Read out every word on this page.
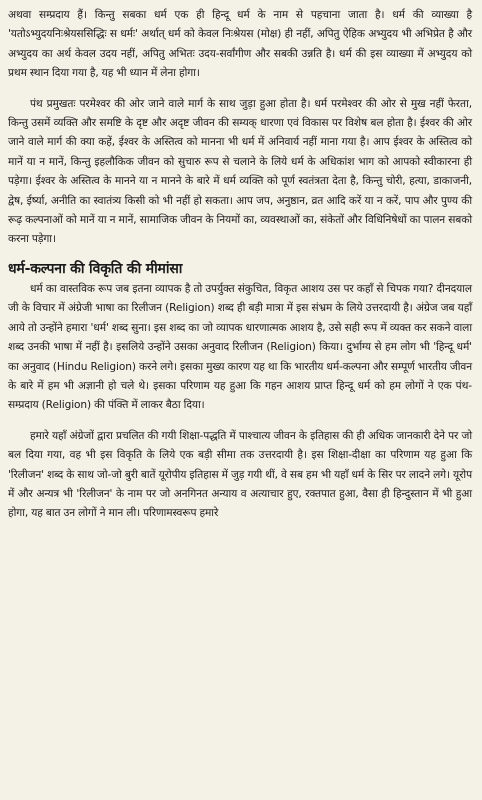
अथवा सम्प्रदाय हैं। किन्तु सबका धर्म एक ही हिन्दू धर्म के नाम से पहचाना जाता है। धर्म की व्याख्या है 'यतोऽभ्युदयनिःश्रेयससिद्धिः स धर्मः' अर्थात् धर्म को केवल निःश्रेयस (मोक्ष) ही नहीं, अपितु ऐहिक अभ्युदय भी अभिप्रेत है और अभ्युदय का अर्थ केवल उदय नहीं, अपितु अभितः उदय-सर्वांगीण और सबकी उन्नति है। धर्म की इस व्याख्या में अभ्युदय को प्रथम स्थान दिया गया है, यह भी ध्यान में लेना होगा।

पंथ प्रमुखतः परमेश्वर की ओर जाने वाले मार्ग के साथ जुड़ा हुआ होता है। धर्म परमेश्वर की ओर से मुख नहीं फेरता, किन्तु उसमें व्यक्ति और समष्टि के दृष्ट और अदृष्ट जीवन की सम्यक् धारणा एवं विकास पर विशेष बल होता है। ईश्वर की ओर जाने वाले मार्ग की क्या कहें, ईश्वर के अस्तित्व को मानना भी धर्म में अनिवार्य नहीं माना गया है। आप ईश्वर के अस्तित्व को मानें या न मानें, किन्तु इहलौकिक जीवन को सुचारु रूप से चलाने के लिये धर्म के अधिकांश भाग को आपको स्वीकारना ही पड़ेगा। ईश्वर के अस्तित्व के मानने या न मानने के बारे में धर्म व्यक्ति को पूर्ण स्वतंत्रता देता है, किन्तु चोरी, हत्या, डाकाजनी, द्वेष, ईर्ष्या, अनीति का स्वातंत्र्य किसी को भी नहीं हो सकता। आप जप, अनुष्ठान, व्रत आदि करें या न करें, पाप और पुण्य की रूढ़ कल्पनाओं को मानें या न मानें, सामाजिक जीवन के नियमों का, व्यवस्थाओं का, संकेतों और विधिनिषेधों का पालन सबको करना पड़ेगा।

धर्म-कल्पना की विकृति की मीमांसा

धर्म का वास्तविक रूप जब इतना व्यापक है तो उपर्युक्त संकुचित, विकृत आशय उस पर कहाँ से चिपक गया? दीनदयाल जी के विचार में अंग्रेजी भाषा का रिलीजन (Religion) शब्द ही बड़ी मात्रा में इस संभ्रम के लिये उत्तरदायी है। अंग्रेज जब यहाँ आये तो उन्होंने हमारा 'धर्म' शब्द सुना। इस शब्द का जो व्यापक धारणात्मक आशय है, उसे सही रूप में व्यक्त कर सकने वाला शब्द उनकी भाषा में नहीं है। इसलिये उन्होंने उसका अनुवाद रिलीजन (Religion) किया। दुर्भाग्य से हम लोग भी 'हिन्दू धर्म' का अनुवाद (Hindu Religion) करने लगे। इसका मुख्य कारण यह था कि भारतीय धर्म-कल्पना और सम्पूर्ण भारतीय जीवन के बारे में हम भी अज्ञानी हो चले थे। इसका परिणाम यह हुआ कि गहन आशय प्राप्त हिन्दू धर्म को हम लोगों ने एक पंथ-सम्प्रदाय (Religion) की पंक्ति में लाकर बैठा दिया।

हमारे यहाँ अंग्रेजों द्वारा प्रचलित की गयी शिक्षा-पद्धति में पाश्चात्य जीवन के इतिहास की ही अधिक जानकारी देने पर जो बल दिया गया, वह भी इस विकृति के लिये एक बड़ी सीमा तक उत्तरदायी है। इस शिक्षा-दीक्षा का परिणाम यह हुआ कि 'रिलीजन' शब्द के साथ जो-जो बुरी बातें यूरोपीय इतिहास में जुड़ गयी थीं, वे सब हम भी यहाँ धर्म के सिर पर लादने लगे। यूरोप में और अन्यत्र भी 'रिलीजन' के नाम पर जो अनगिनत अन्याय व अत्याचार हुए, रक्तपात हुआ, वैसा ही हिन्दुस्तान में भी हुआ होगा, यह बात उन लोगों ने मान ली। परिणामस्वरूप हमारे
